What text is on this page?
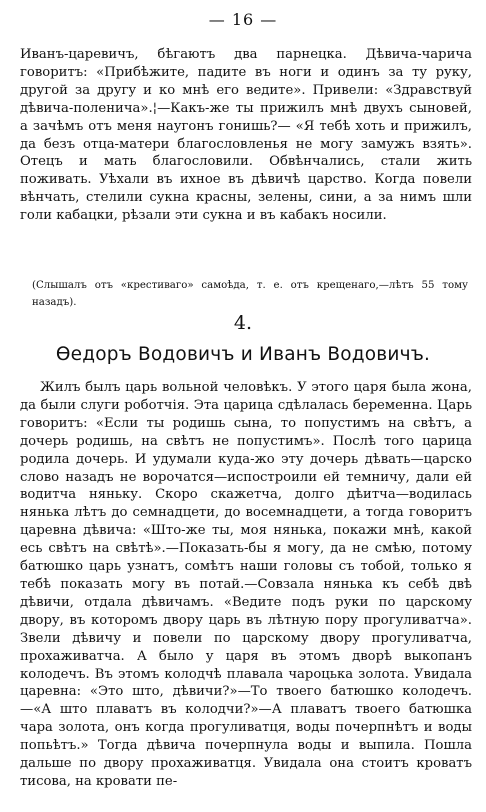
— 16 —

Иванъ-царевичъ, бѣгаютъ два парнецка. Дѣвича-чарича говоритъ: «Прибѣжите, падите въ ноги и одинъ за ту руку, другой за другу и ко мнѣ его ведите». Привели: «Здравствуй дѣвича-поленича».¦—Какъ-же ты прижилъ мнѣ двухъ сыновей, а зачѣмъ отъ меня наугонъ гонишь?— «Я тебѣ хоть и прижилъ, да безъ отца-матери благословленья не могу замужъ взять». Отецъ и мать благословили. Обвѣнчались, стали жить поживать. Уѣхали въ ихное въ дѣвичѣ царство. Когда повели вѣнчать, стелили сукна красны, зелены, сини, а за нимъ шли голи кабацки, рѣзали эти сукна и въ кабакъ носили.

(Слышалъ отъ «крестиваго» самоѣда, т. е. отъ крещенаго,—лѣтъ 55 тому назадъ).
4.
Ѳедоръ Водовичъ и Иванъ Водовичъ.

Жилъ былъ царь вольной человѣкъ. У этого царя была жона, да были слуги роботчія. Эта царица сдѣлалась беременна. Царь говоритъ: «Если ты родишь сына, то попустимъ на свѣтъ, а дочерь родишь, на свѣтъ не попустимъ». Послѣ того царица родила дочерь. И удумали куда-жо эту дочерь дѣвать—царско слово назадъ не ворочатся—испостроили ей темничу, дали ей водитча няньку. Скоро скажетча, долго дѣитча—водилась нянька лѣтъ до семнадцети, до восемнадцети, а тогда говоритъ царевна дѣвича: «Што-же ты, моя нянька, покажи мнѣ, какой есь свѣтъ на свѣтѣ».—Показать-бы я могу, да не смѣю, потому батюшко царь узнатъ, сомѣтъ наши головы съ тобой, только я тебѣ показать могу въ потай.—Совзала нянька къ себѣ двѣ дѣвичи, отдала дѣвичамъ. «Ведите подъ руки по царскому двору, въ которомъ двору царь въ лѣтную пору прогуливатча». Звели дѣвичу и повели по царскому двору прогуливатча, прохаживатча. А было у царя въ этомъ дворѣ выкопанъ колодечъ. Въ этомъ колодчѣ плавала чароцька золота. Увидала царевна: «Это што, дѣвичи?»—То твоего батюшко колодечъ.—«А што плаватъ въ колодчи?»—А плаватъ твоего батюшка чара золота, онъ когда прогуливатця, воды почерпнѣтъ и воды попьѣтъ.» Тогда дѣвича почерпнула воды и выпила. Пошла дальше по двору прохаживатця. Увидала она стоитъ кроватъ тисова, на кровати пе-
